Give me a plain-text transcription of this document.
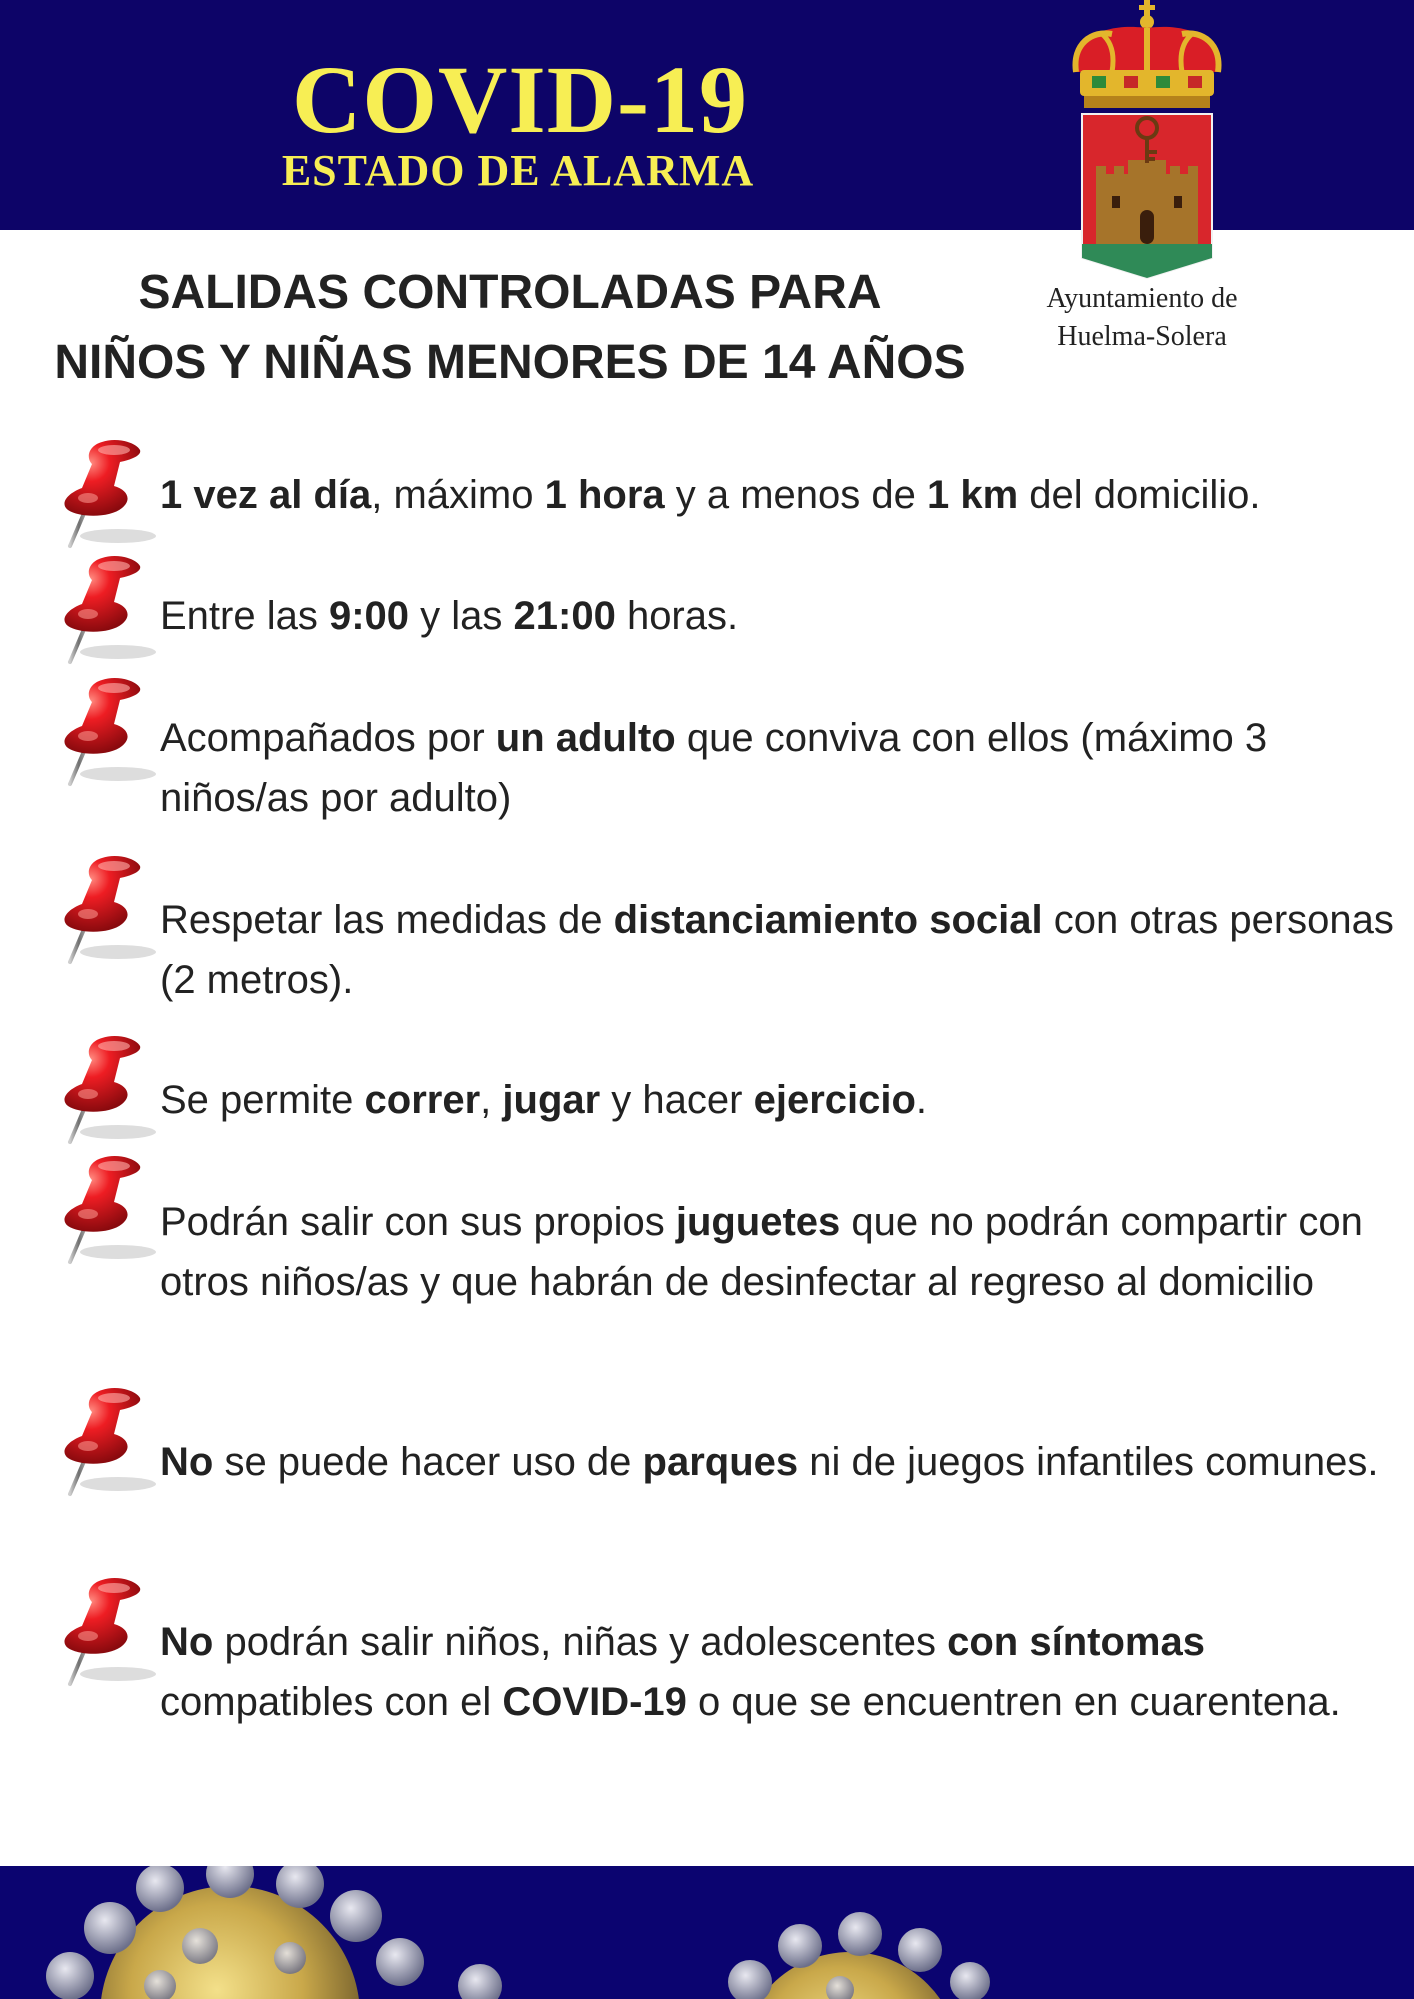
COVID-19
ESTADO DE ALARMA
Ayuntamiento de
Huelma-Solera
SALIDAS CONTROLADAS PARA
NIÑOS Y NIÑAS MENORES DE 14 AÑOS
1 vez al día, máximo 1 hora y a menos de 1 km del domicilio.
Entre las 9:00 y las 21:00 horas.
Acompañados por un adulto que conviva con ellos (máximo 3 niños/as por adulto)
Respetar las medidas de distanciamiento social con otras personas (2 metros).
Se permite correr, jugar y hacer ejercicio.
Podrán salir con sus propios juguetes que no podrán compartir con otros niños/as y que habrán de desinfectar al regreso al domicilio
No se puede hacer uso de parques ni de juegos infantiles comunes.
No podrán salir niños, niñas y adolescentes con síntomas compatibles con el COVID-19 o que se encuentren en cuarentena.
